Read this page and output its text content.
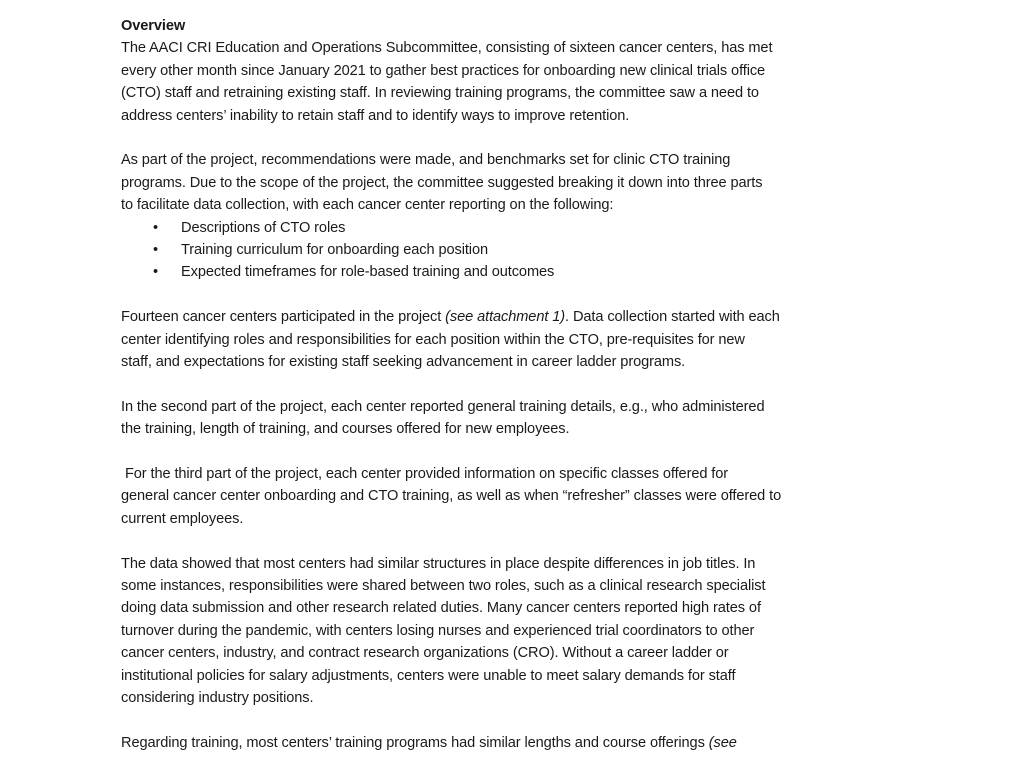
Overview

The AACI CRI Education and Operations Subcommittee, consisting of sixteen cancer centers, has met
every other month since January 2021 to gather best practices for onboarding new clinical trials office
(CTO) staff and retraining existing staff. In reviewing training programs, the committee saw a need to
address centers’ inability to retain staff and to identify ways to improve retention.

As part of the project, recommendations were made, and benchmarks set for clinic CTO training
programs. Due to the scope of the project, the committee suggested breaking it down into three parts
to facilitate data collection, with each cancer center reporting on the following:

• Descriptions of CTO roles
• Training curriculum for onboarding each position
• Expected timeframes for role-based training and outcomes

Fourteen cancer centers participated in the project (see attachment 1). Data collection started with each
center identifying roles and responsibilities for each position within the CTO, pre-requisites for new
staff, and expectations for existing staff seeking advancement in career ladder programs.

In the second part of the project, each center reported general training details, e.g., who administered
the training, length of training, and courses offered for new employees.

For the third part of the project, each center provided information on specific classes offered for
general cancer center onboarding and CTO training, as well as when “refresher” classes were offered to
current employees.

The data showed that most centers had similar structures in place despite differences in job titles. In
some instances, responsibilities were shared between two roles, such as a clinical research specialist
doing data submission and other research related duties. Many cancer centers reported high rates of
turnover during the pandemic, with centers losing nurses and experienced trial coordinators to other
cancer centers, industry, and contract research organizations (CRO). Without a career ladder or
institutional policies for salary adjustments, centers were unable to meet salary demands for staff
considering industry positions.

Regarding training, most centers’ training programs had similar lengths and course offerings (see
